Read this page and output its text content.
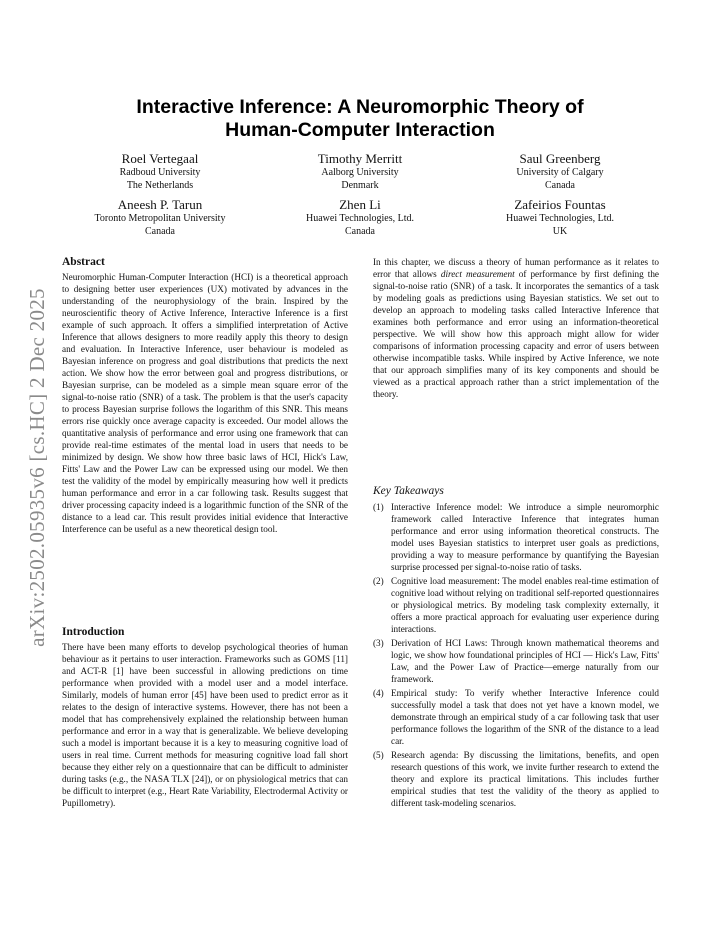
arXiv:2502.05935v6 [cs.HC] 2 Dec 2025
Interactive Inference: A Neuromorphic Theory of Human-Computer Interaction
Roel Vertegaal
Radboud University
The Netherlands
Timothy Merritt
Aalborg University
Denmark
Saul Greenberg
University of Calgary
Canada
Aneesh P. Tarun
Toronto Metropolitan University
Canada
Zhen Li
Huawei Technologies, Ltd.
Canada
Zafeirios Fountas
Huawei Technologies, Ltd.
UK
Abstract

Neuromorphic Human-Computer Interaction (HCI) is a theoretical approach to designing better user experiences (UX) motivated by advances in the understanding of the neurophysiology of the brain. Inspired by the neuroscientific theory of Active Inference, Interactive Inference is a first example of such approach. It offers a simplified interpretation of Active Inference that allows designers to more readily apply this theory to design and evaluation. In Interactive Inference, user behaviour is modeled as Bayesian inference on progress and goal distributions that predicts the next action. We show how the error between goal and progress distributions, or Bayesian surprise, can be modeled as a simple mean square error of the signal-to-noise ratio (SNR) of a task. The problem is that the user's capacity to process Bayesian surprise follows the logarithm of this SNR. This means errors rise quickly once average capacity is exceeded. Our model allows the quantitative analysis of performance and error using one framework that can provide real-time estimates of the mental load in users that needs to be minimized by design. We show how three basic laws of HCI, Hick's Law, Fitts' Law and the Power Law can be expressed using our model. We then test the validity of the model by empirically measuring how well it predicts human performance and error in a car following task. Results suggest that driver processing capacity indeed is a logarithmic function of the SNR of the distance to a lead car. This result provides initial evidence that Interactive Interference can be useful as a new theoretical design tool.

Introduction

There have been many efforts to develop psychological theories of human behaviour as it pertains to user interaction. Frameworks such as GOMS [11] and ACT-R [1] have been successful in allowing predictions on time performance when provided with a model user and a model interface. Similarly, models of human error [45] have been used to predict error as it relates to the design of interactive systems. However, there has not been a model that has comprehensively explained the relationship between human performance and error in a way that is generalizable. We believe developing such a model is important because it is a key to measuring cognitive load of users in real time. Current methods for measuring cognitive load fall short because they either rely on a questionnaire that can be difficult to administer during tasks (e.g., the NASA TLX [24]), or on physiological metrics that can be difficult to interpret (e.g., Heart Rate Variability, Electrodermal Activity or Pupillometry).

In this chapter, we discuss a theory of human performance as it relates to error that allows direct measurement of performance by first defining the signal-to-noise ratio (SNR) of a task. It incorporates the semantics of a task by modeling goals as predictions using Bayesian statistics. We set out to develop an approach to modeling tasks called Interactive Inference that examines both performance and error using an information-theoretical perspective. We will show how this approach might allow for wider comparisons of information processing capacity and error of users between otherwise incompatible tasks. While inspired by Active Inference, we note that our approach simplifies many of its key components and should be viewed as a practical approach rather than a strict implementation of the theory.

Key Takeaways
(1) Interactive Inference model: We introduce a simple neuromorphic framework called Interactive Inference that integrates human performance and error using information theoretical constructs. The model uses Bayesian statistics to interpret user goals as predictions, providing a way to measure performance by quantifying the Bayesian surprise processed per signal-to-noise ratio of tasks.
(2) Cognitive load measurement: The model enables real-time estimation of cognitive load without relying on traditional self-reported questionnaires or physiological metrics. By modeling task complexity externally, it offers a more practical approach for evaluating user experience during interactions.
(3) Derivation of HCI Laws: Through known mathematical theorems and logic, we show how foundational principles of HCI — Hick's Law, Fitts' Law, and the Power Law of Practice—emerge naturally from our framework.
(4) Empirical study: To verify whether Interactive Inference could successfully model a task that does not yet have a known model, we demonstrate through an empirical study of a car following task that user performance follows the logarithm of the SNR of the distance to a lead car.
(5) Research agenda: By discussing the limitations, benefits, and open research questions of this work, we invite further research to extend the theory and explore its practical limitations. This includes further empirical studies that test the validity of the theory as applied to different task-modeling scenarios.
